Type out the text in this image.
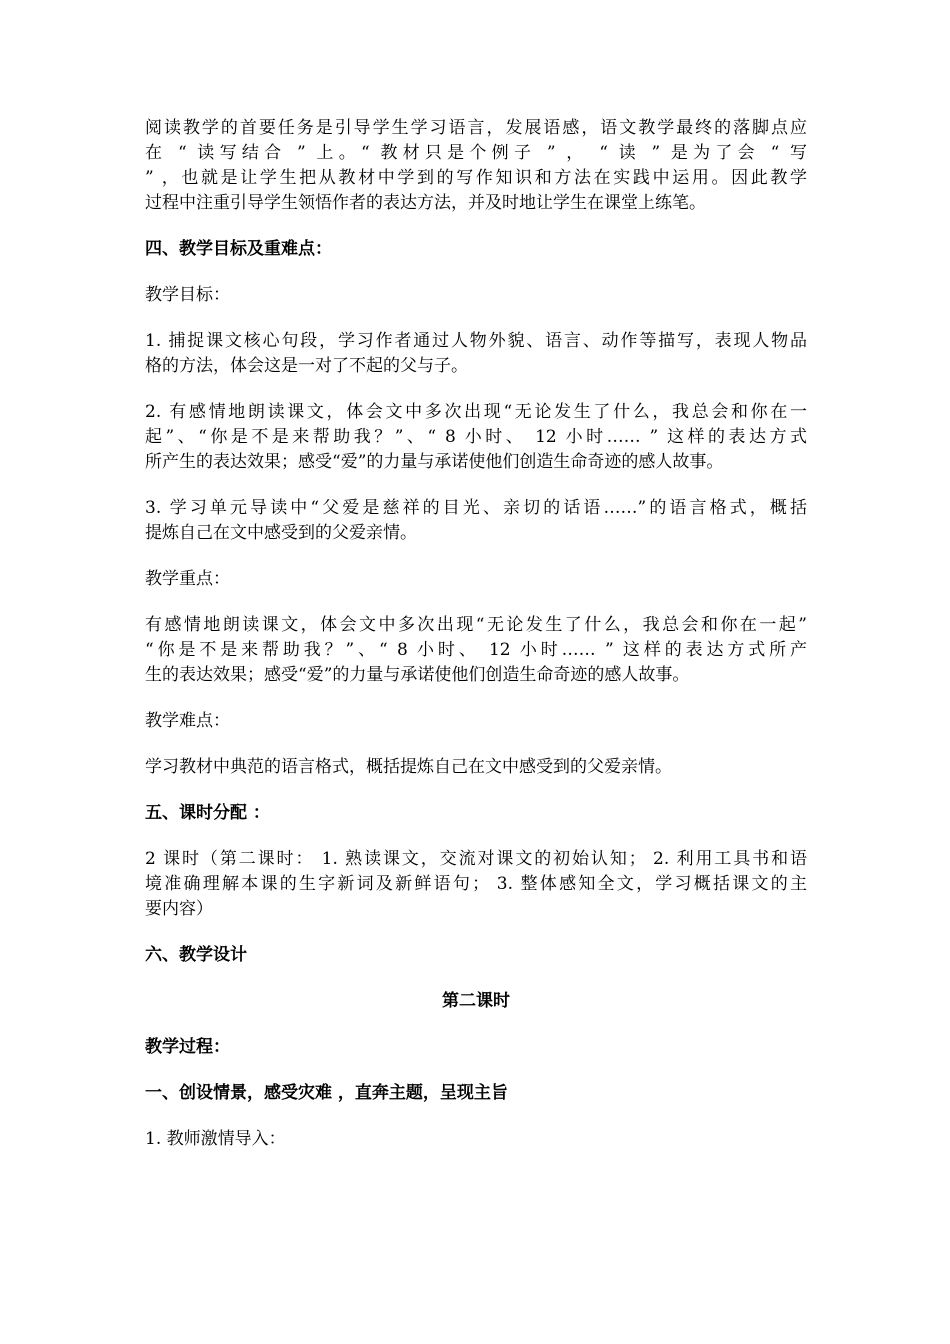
阅读教学的首要任务是引导学生学习语言，发展语感，语文教学最终的落脚点应
在 “ 读写结合 ” 上。“ 教材只是个例子 ” ， “ 读 ” 是为了会 “ 写
” ，也就是让学生把从教材中学到的写作知识和方法在实践中运用。因此教学
过程中注重引导学生领悟作者的表达方法，并及时地让学生在课堂上练笔。

四、教学目标及重难点：

教学目标：

1. 捕捉课文核心句段，学习作者通过人物外貌、语言、动作等描写，表现人物品
格的方法，体会这是一对了不起的父与子。

2. 有感情地朗读课文，体会文中多次出现“无论发生了什么，我总会和你在一
起”、“你是不是来帮助我？”、“ 8 小时、 12 小时…… ” 这样的表达方式
所产生的表达效果；感受“爱”的力量与承诺使他们创造生命奇迹的感人故事。

3. 学习单元导读中“父爱是慈祥的目光、亲切的话语……”的语言格式，概括
提炼自己在文中感受到的父爱亲情。

教学重点：

有感情地朗读课文，体会文中多次出现“无论发生了什么，我总会和你在一起”
“你是不是来帮助我？”、“ 8 小时、 12 小时…… ” 这样的表达方式所产
生的表达效果；感受“爱”的力量与承诺使他们创造生命奇迹的感人故事。

教学难点：

学习教材中典范的语言格式，概括提炼自己在文中感受到的父爱亲情。

五、课时分配 ：

2 课时（第二课时： 1. 熟读课文，交流对课文的初始认知； 2. 利用工具书和语
境准确理解本课的生字新词及新鲜语句； 3. 整体感知全文，学习概括课文的主
要内容）

六、教学设计

第二课时

教学过程：

一、创设情景，感受灾难 ，直奔主题，呈现主旨

1. 教师激情导入：
